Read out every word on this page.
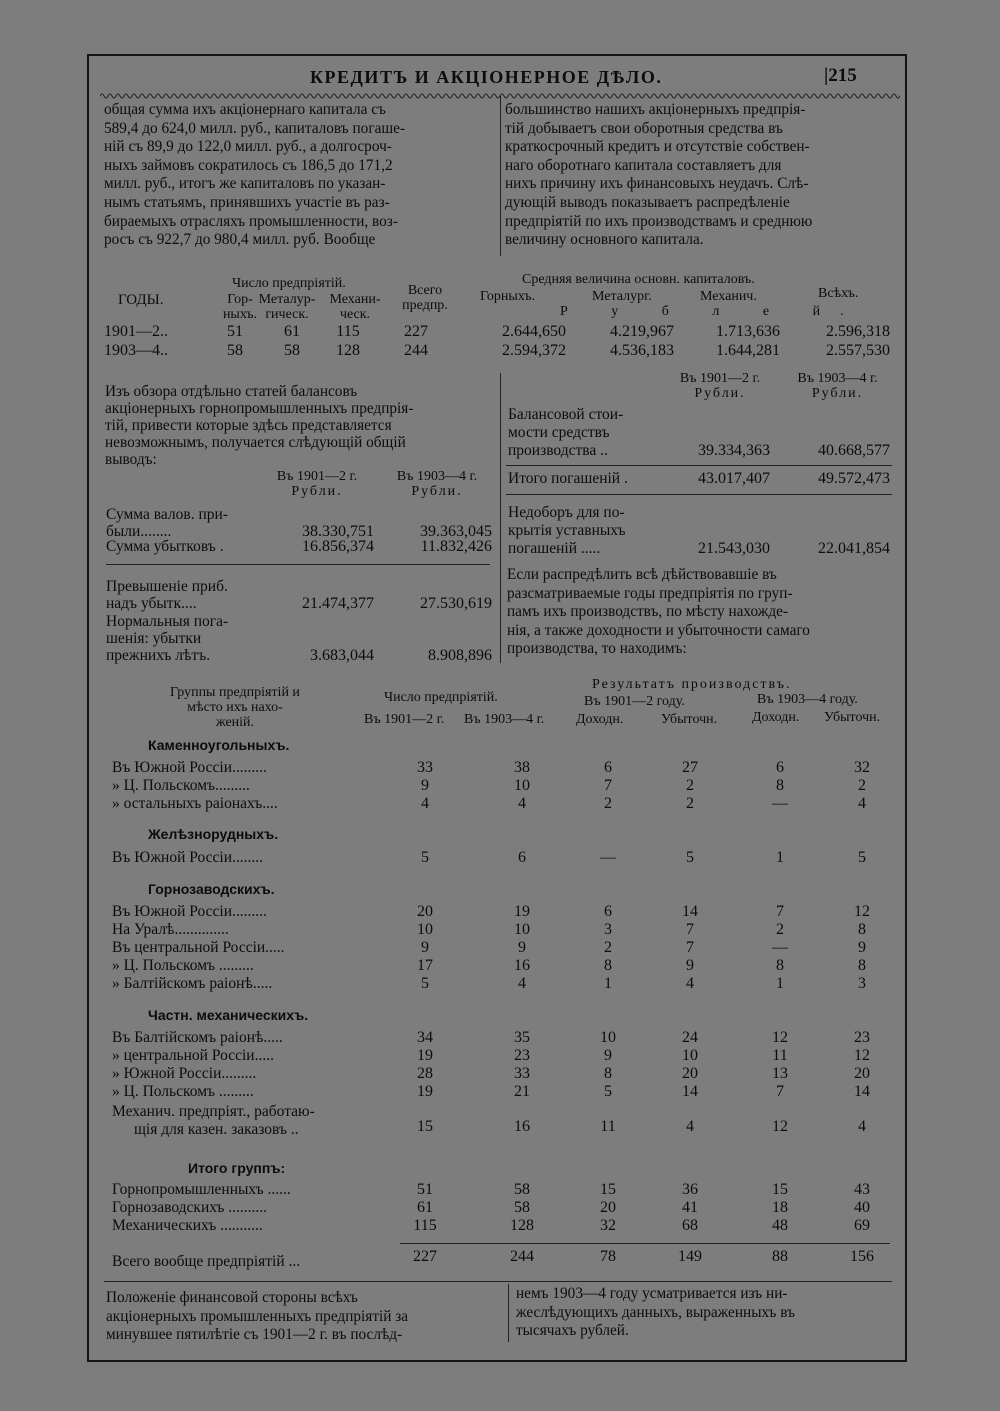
КРЕДИТЪ И АКЦІОНЕРНОЕ ДѢЛО.	|215
общая сумма ихъ акціонернаго капитала съ
589,4 до 624,0 милл. руб., капиталовъ погаше-
ній съ 89,9 до 122,0 милл. руб., а долгосроч-
ныхъ займовъ сократилось съ 186,5 до 171,2
милл. руб., итогъ же капиталовъ по указан-
нымъ статьямъ, принявшихъ участіе въ раз-
бираемыхъ отрасляхъ промышленности, воз-
росъ съ 922,7 до 980,4 милл. руб. Вообще
большинство нашихъ акціонерныхъ предпрія-
тій добываетъ свои оборотныя средства въ
краткосрочный кредитъ и отсутствіе собствен-
наго оборотнаго капитала составляетъ для
нихъ причину ихъ финансовыхъ неудачъ. Слѣ-
дующій выводъ показываетъ распредѣленіе
предпріятій по ихъ производствамъ и среднюю
величину основного капитала.
ГОДЫ.
Число предпріятій.
Гор-
ныхъ.
Металур-
гическ.
Механи-
ческ.
Всего
предпр.
Средняя величина основн. капиталовъ.
Горныхъ.	Металург.	Механич.	Всѣхъ.
Р у б л е й.
1901—2..	51	61	115	227	2.644,650	4.219,967	1.713,636	2.596,318
1903—4..	58	58	128	244	2.594,372	4.536,183	1.644,281	2.557,530
Изъ обзора отдѣльно статей балансовъ
акціонерныхъ горнопромышленныхъ предпрія-
тій, привести которые здѣсь представляется
невозможнымъ, получается слѣдующій общій
выводъ:
Въ 1901—2 г.
Рубли.
Въ 1903—4 г.
Рубли.
Сумма валов. при-
были........	38.330,751	39.363,045
Сумма убытковъ .	16.856,374	11.832,426
Превышеніе приб.
надъ убытк....	21.474,377	27.530,619
Нормальныя пога-
шенія: убытки
прежнихъ лѣтъ.	3.683,044	8.908,896
Въ 1901—2 г.
Рубли.
Въ 1903—4 г.
Рубли.
Балансовой стои-
мости средствъ
производства ..	39.334,363	40.668,577
Итого погашеній .	43.017,407	49.572,473
Недоборъ для по-
крытія уставныхъ
погашеній .....	21.543,030	22.041,854
Если распредѣлить всѣ дѣйствовавшіе въ
разсматриваемые годы предпріятія по груп-
памъ ихъ производствъ, по мѣсту нахожде-
нія, а также доходности и убыточности самаго
производства, то находимъ:
Группы предпріятій и
мѣсто ихъ нахо-
женій.
Число предпріятій.
Въ 1901—2 г. Въ 1903—4 г.
Результатъ производствъ.
Въ 1901—2 году.	Въ 1903—4 году.
Доходн.	Убыточн. Доходн. Убыточн.
Каменноугольныхъ.
Въ Южной Россіи.........	33	38	6	27	6	32
» Ц. Польскомъ.........	9	10	7	2	8	2
» остальныхъ раіонахъ....	4	4	2	2	—	4
Желѣзнорудныхъ.
Въ Южной Россіи........	5	6	—	5	1	5
Горнозаводскихъ.
Въ Южной Россіи.........	20	19	6	14	7	12
На Уралѣ..............	10	10	3	7	2	8
Въ центральной Россіи.....	9	9	2	7	—	9
» Ц. Польскомъ .........	17	16	8	9	8	8
» Балтійскомъ раіонѣ.....	5	4	1	4	1	3
Частн. механическихъ.
Въ Балтійскомъ раіонѣ.....	34	35	10	24	12	23
» центральной Россіи.....	19	23	9	10	11	12
» Южной Россіи.........	28	33	8	20	13	20
» Ц. Польскомъ .........	19	21	5	14	7	14
Механич. предпріят., работаю-
щія для казен. заказовъ ..	15	16	11	4	12	4
Итого группъ:
Горнопромышленныхъ ......	51	58	15	36	15	43
Горнозаводскихъ ..........	61	58	20	41	18	40
Механическихъ ...........	115	128	32	68	48	69
Всего вообще предпріятій ...	227	244	78	149	88	156
Положеніе финансовой стороны всѣхъ
акціонерныхъ промышленныхъ предпріятій за
минувшее пятилѣтіе съ 1901—2 г. въ послѣд-
немъ 1903—4 году усматривается изъ ни-
жеслѣдующихъ данныхъ, выраженныхъ въ
тысячахъ рублей.
